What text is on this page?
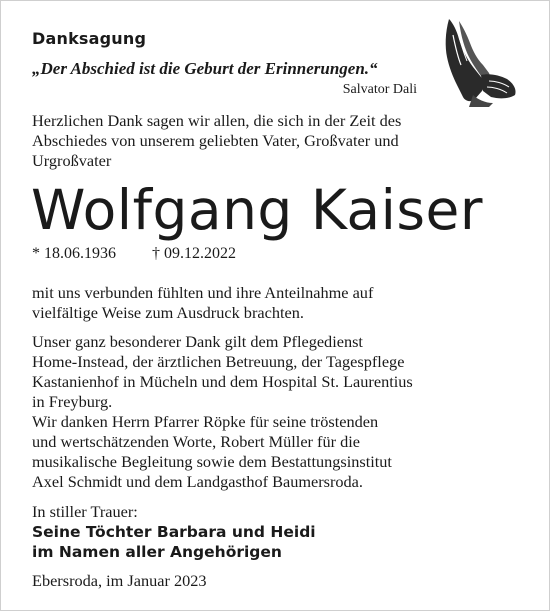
Danksagung
„Der Abschied ist die Geburt der Erinnerungen.“
Salvator Dali
Herzlichen Dank sagen wir allen, die sich in der Zeit des
Abschiedes von unserem geliebten Vater, Großvater und
Urgroßvater
Wolfgang Kaiser
* 18.06.1936 † 09.12.2022
mit uns verbunden fühlten und ihre Anteilnahme auf
vielfältige Weise zum Ausdruck brachten.
Unser ganz besonderer Dank gilt dem Pflegedienst
Home-Instead, der ärztlichen Betreuung, der Tagespflege
Kastanienhof in Mücheln und dem Hospital St. Laurentius
in Freyburg.
Wir danken Herrn Pfarrer Röpke für seine tröstenden
und wertschätzenden Worte, Robert Müller für die
musikalische Begleitung sowie dem Bestattungsinstitut
Axel Schmidt und dem Landgasthof Baumersroda.
In stiller Trauer:
Seine Töchter Barbara und Heidi
im Namen aller Angehörigen
Ebersroda, im Januar 2023
